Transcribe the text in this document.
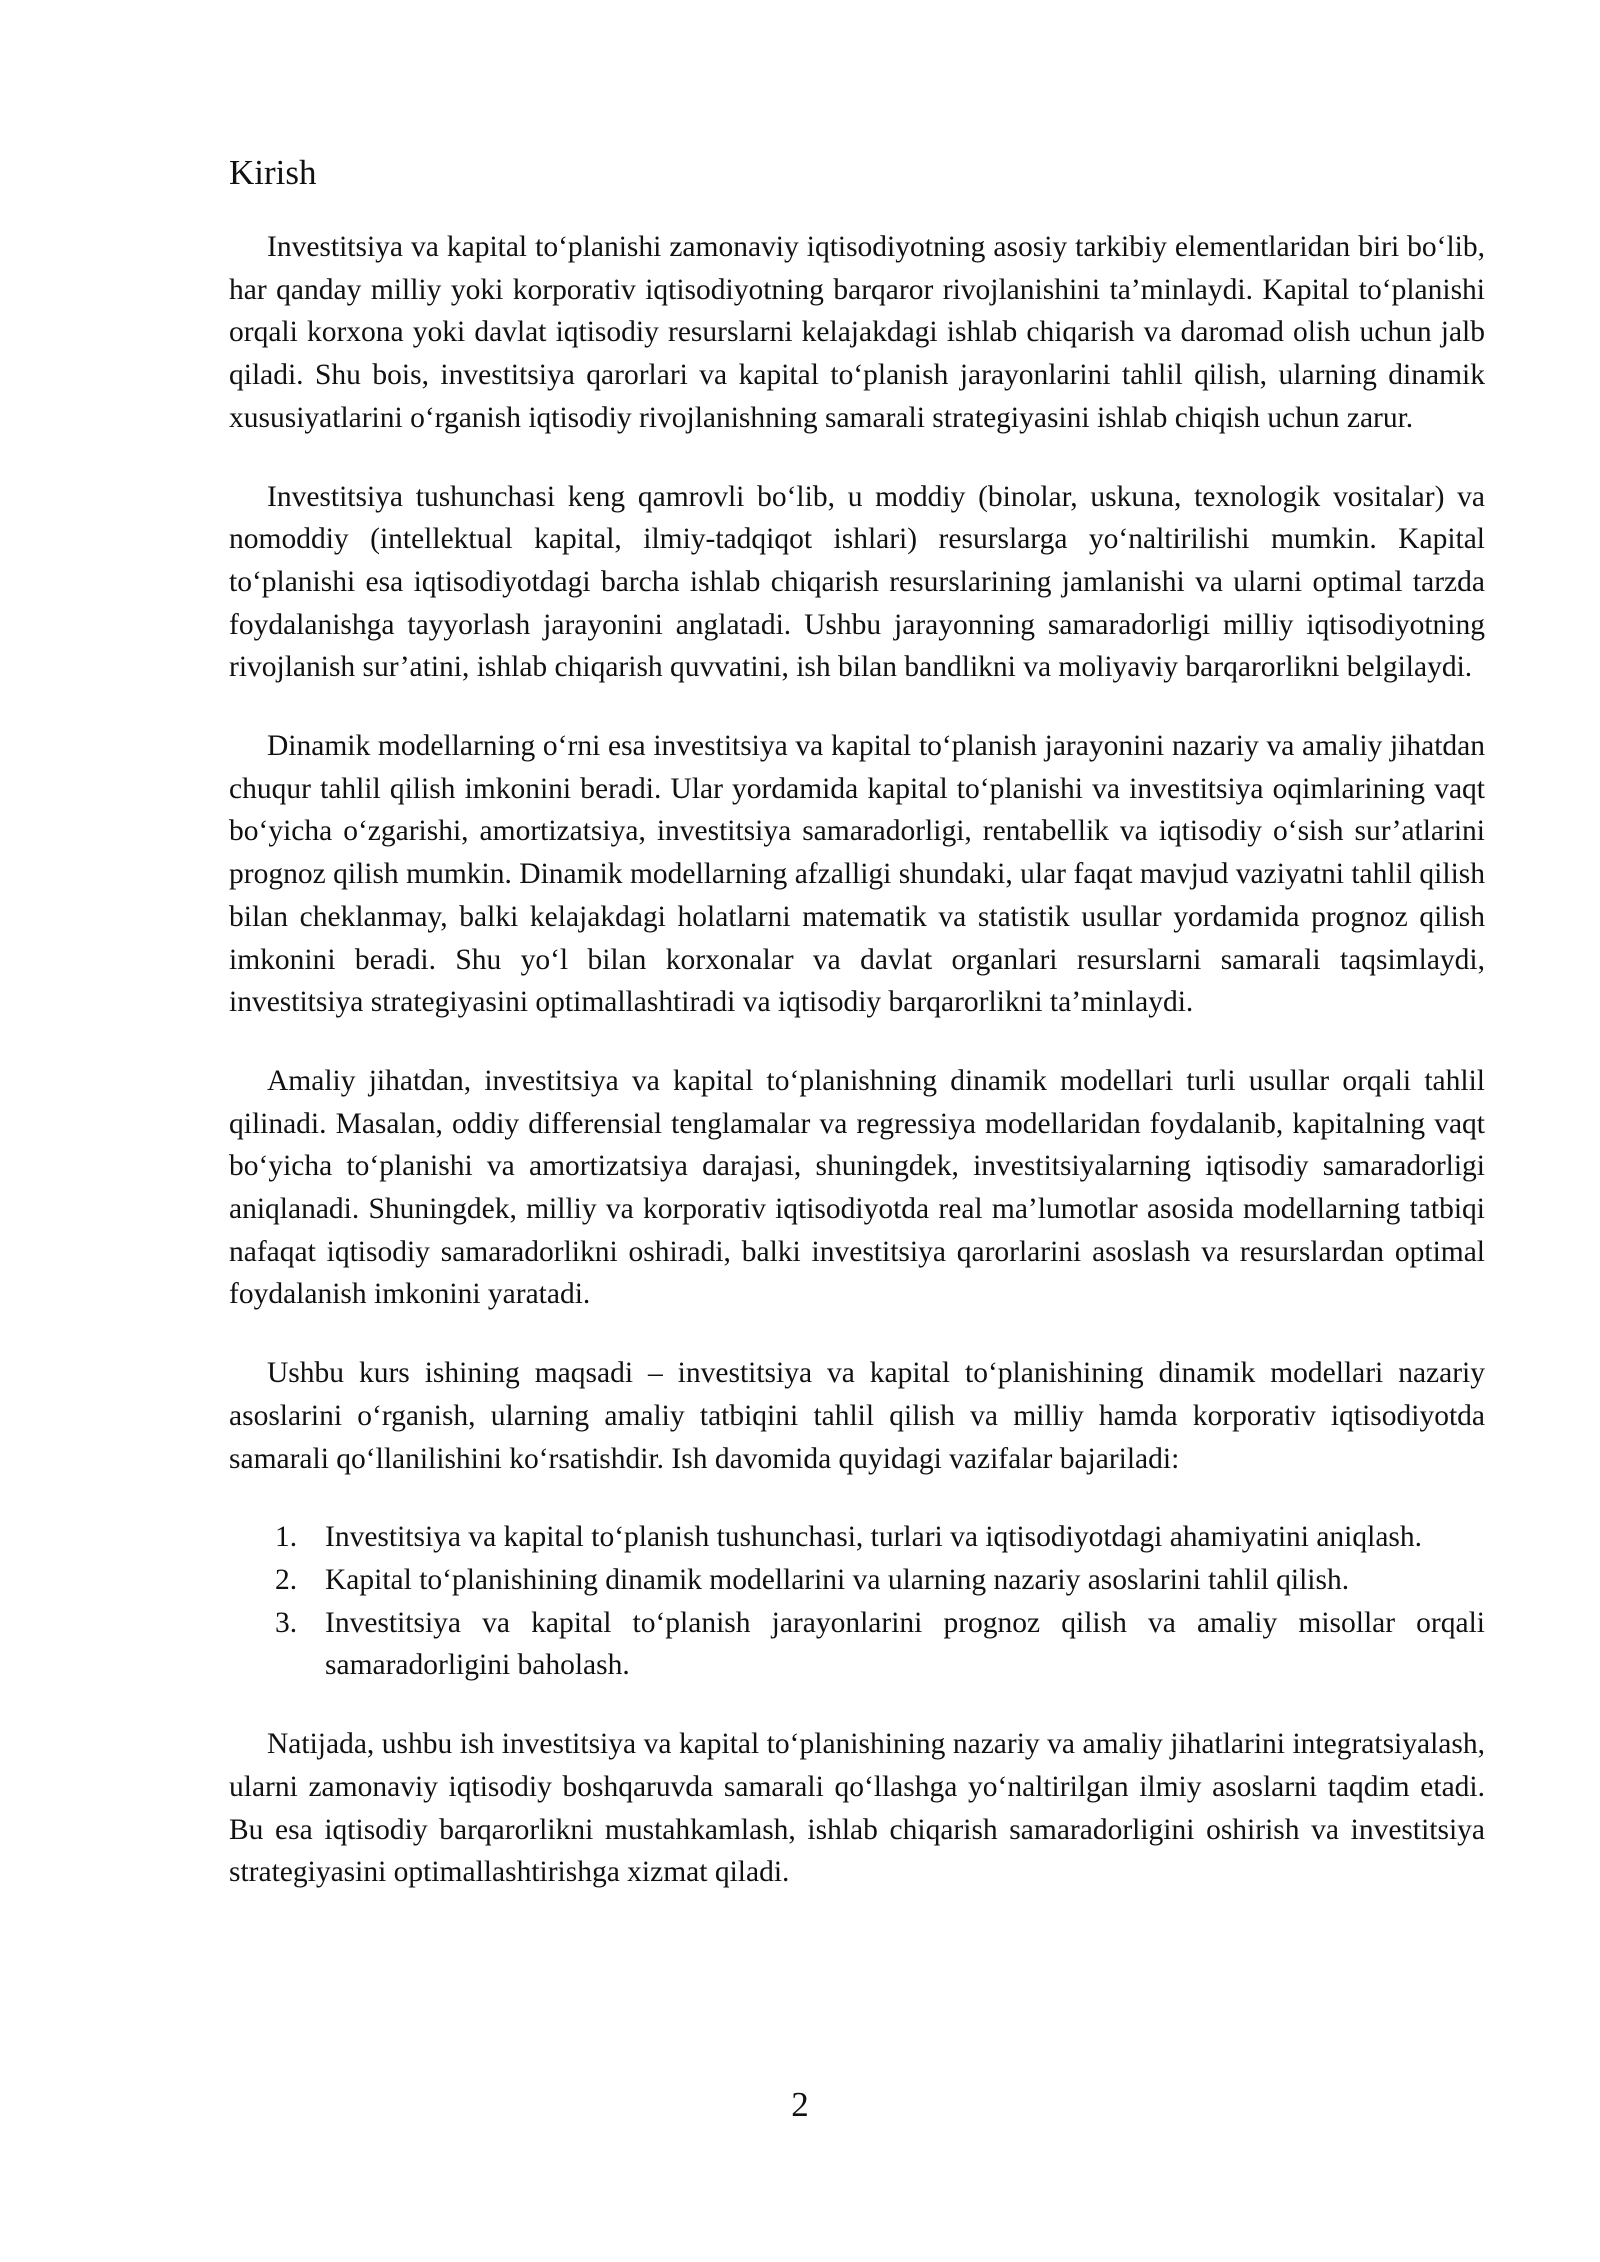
Kirish

Investitsiya va kapital to‘planishi zamonaviy iqtisodiyotning asosiy tarkibiy elementlaridan biri bo‘lib, har qanday milliy yoki korporativ iqtisodiyotning barqaror rivojlanishini ta’minlaydi. Kapital to‘planishi orqali korxona yoki davlat iqtisodiy resurslarni kelajakdagi ishlab chiqarish va daromad olish uchun jalb qiladi. Shu bois, investitsiya qarorlari va kapital to‘planish jarayonlarini tahlil qilish, ularning dinamik xususiyatlarini o‘rganish iqtisodiy rivojlanishning samarali strategiyasini ishlab chiqish uchun zarur.

Investitsiya tushunchasi keng qamrovli bo‘lib, u moddiy (binolar, uskuna, texnologik vositalar) va nomoddiy (intellektual kapital, ilmiy-tadqiqot ishlari) resurslarga yo‘naltirilishi mumkin. Kapital to‘planishi esa iqtisodiyotdagi barcha ishlab chiqarish resurslarining jamlanishi va ularni optimal tarzda foydalanishga tayyorlash jarayonini anglatadi. Ushbu jarayonning samaradorligi milliy iqtisodiyotning rivojlanish sur’atini, ishlab chiqarish quvvatini, ish bilan bandlikni va moliyaviy barqarorlikni belgilaydi.

Dinamik modellarning o‘rni esa investitsiya va kapital to‘planish jarayonini nazariy va amaliy jihatdan chuqur tahlil qilish imkonini beradi. Ular yordamida kapital to‘planishi va investitsiya oqimlarining vaqt bo‘yicha o‘zgarishi, amortizatsiya, investitsiya samaradorligi, rentabellik va iqtisodiy o‘sish sur’atlarini prognoz qilish mumkin. Dinamik modellarning afzalligi shundaki, ular faqat mavjud vaziyatni tahlil qilish bilan cheklanmay, balki kelajakdagi holatlarni matematik va statistik usullar yordamida prognoz qilish imkonini beradi. Shu yo‘l bilan korxonalar va davlat organlari resurslarni samarali taqsimlaydi, investitsiya strategiyasini optimallashtiradi va iqtisodiy barqarorlikni ta’minlaydi.

Amaliy jihatdan, investitsiya va kapital to‘planishning dinamik modellari turli usullar orqali tahlil qilinadi. Masalan, oddiy differensial tenglamalar va regressiya modellaridan foydalanib, kapitalning vaqt bo‘yicha to‘planishi va amortizatsiya darajasi, shuningdek, investitsiyalarning iqtisodiy samaradorligi aniqlanadi. Shuningdek, milliy va korporativ iqtisodiyotda real ma’lumotlar asosida modellarning tatbiqi nafaqat iqtisodiy samaradorlikni oshiradi, balki investitsiya qarorlarini asoslash va resurslardan optimal foydalanish imkonini yaratadi.

Ushbu kurs ishining maqsadi – investitsiya va kapital to‘planishining dinamik modellari nazariy asoslarini o‘rganish, ularning amaliy tatbiqini tahlil qilish va milliy hamda korporativ iqtisodiyotda samarali qo‘llanilishini ko‘rsatishdir. Ish davomida quyidagi vazifalar bajariladi:

1. Investitsiya va kapital to‘planish tushunchasi, turlari va iqtisodiyotdagi ahamiyatini aniqlash.
2. Kapital to‘planishining dinamik modellarini va ularning nazariy asoslarini tahlil qilish.
3. Investitsiya va kapital to‘planish jarayonlarini prognoz qilish va amaliy misollar orqali samaradorligini baholash.

Natijada, ushbu ish investitsiya va kapital to‘planishining nazariy va amaliy jihatlarini integratsiyalash, ularni zamonaviy iqtisodiy boshqaruvda samarali qo‘llashga yo‘naltirilgan ilmiy asoslarni taqdim etadi. Bu esa iqtisodiy barqarorlikni mustahkamlash, ishlab chiqarish samaradorligini oshirish va investitsiya strategiyasini optimallashtirishga xizmat qiladi.

2
